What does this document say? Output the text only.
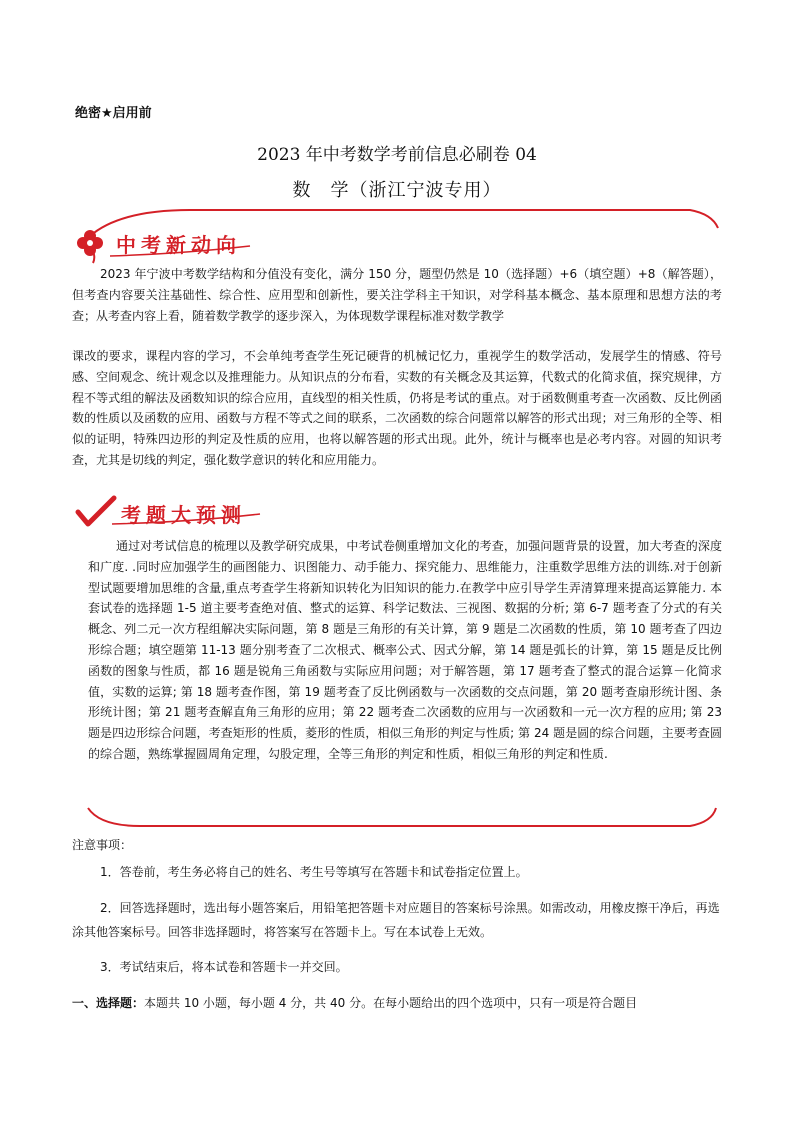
绝密★启用前
2023 年中考数学考前信息必刷卷 04
数　学（浙江宁波专用）
中考新动向
2023 年宁波中考数学结构和分值没有变化，满分 150 分，题型仍然是 10（选择题）+6（填空题）+8（解答题），但考查内容要关注基础性、综合性、应用型和创新性，要关注学科主干知识，对学科基本概念、基本原理和思想方法的考查；从考查内容上看，随着数学教学的逐步深入，为体现数学课程标准对数学教学
课改的要求，课程内容的学习，不会单纯考查学生死记硬背的机械记忆力，重视学生的数学活动，发展学生的情感、符号感、空间观念、统计观念以及推理能力。从知识点的分布看，实数的有关概念及其运算，代数式的化简求值，探究规律，方程不等式组的解法及函数知识的综合应用，直线型的相关性质，仍将是考试的重点。对于函数侧重考查一次函数、反比例函数的性质以及函数的应用、函数与方程不等式之间的联系，二次函数的综合问题常以解答的形式出现；对三角形的全等、相似的证明，特殊四边形的判定及性质的应用，也将以解答题的形式出现。此外，统计与概率也是必考内容。对圆的知识考查，尤其是切线的判定，强化数学意识的转化和应用能力。
考题大预测
通过对考试信息的梳理以及教学研究成果，中考试卷侧重增加文化的考查，加强问题背景的设置，加大考查的深度和广度. .同时应加强学生的画图能力、识图能力、动手能力、探究能力、思维能力，注重数学思维方法的训练.对于创新型试题要增加思维的含量,重点考查学生将新知识转化为旧知识的能力.在教学中应引导学生弄清算理来提高运算能力. 本套试卷的选择题 1-5 道主要考查绝对值、整式的运算、科学记数法、三视图、数据的分析; 第 6-7 题考查了分式的有关概念、列二元一次方程组解决实际问题，第 8 题是三角形的有关计算，第 9 题是二次函数的性质，第 10 题考查了四边形综合题；填空题第 11-13 题分别考查了二次根式、概率公式、因式分解，第 14 题是弧长的计算，第 15 题是反比例函数的图象与性质，都 16 题是锐角三角函数与实际应用问题；对于解答题，第 17 题考查了整式的混合运算－化简求值，实数的运算; 第 18 题考查作图，第 19 题考查了反比例函数与一次函数的交点问题，第 20 题考查扇形统计图、条形统计图；第 21 题考查解直角三角形的应用；第 22 题考查二次函数的应用与一次函数和一元一次方程的应用; 第 23 题是四边形综合问题，考查矩形的性质，菱形的性质，相似三角形的判定与性质; 第 24 题是圆的综合问题，主要考查圆的综合题，熟练掌握圆周角定理，勾股定理，全等三角形的判定和性质，相似三角形的判定和性质.
注意事项：
1．答卷前，考生务必将自己的姓名、考生号等填写在答题卡和试卷指定位置上。
2．回答选择题时，选出每小题答案后，用铅笔把答题卡对应题目的答案标号涂黑。如需改动，用橡皮擦干净后，再选涂其他答案标号。回答非选择题时，将答案写在答题卡上。写在本试卷上无效。
3．考试结束后，将本试卷和答题卡一并交回。
一、选择题：本题共 10 小题，每小题 4 分，共 40 分。在每小题给出的四个选项中，只有一项是符合题目
